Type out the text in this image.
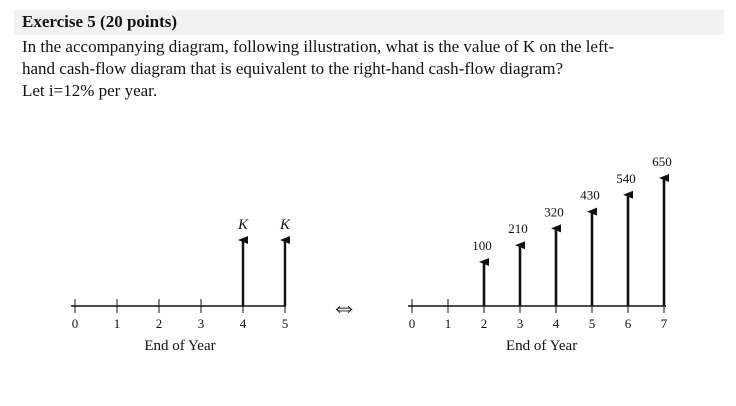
Exercise 5 (20 points)
In the accompanying diagram, following illustration, what is the value of K on the left-
hand cash-flow diagram that is equivalent to the right-hand cash-flow diagram?
Let i=12% per year.
0	1	2	3	4	5
End of Year
K K
⇔
0 1 2 3 4 5 6 7
End of Year
100
210
320
430
540
650
